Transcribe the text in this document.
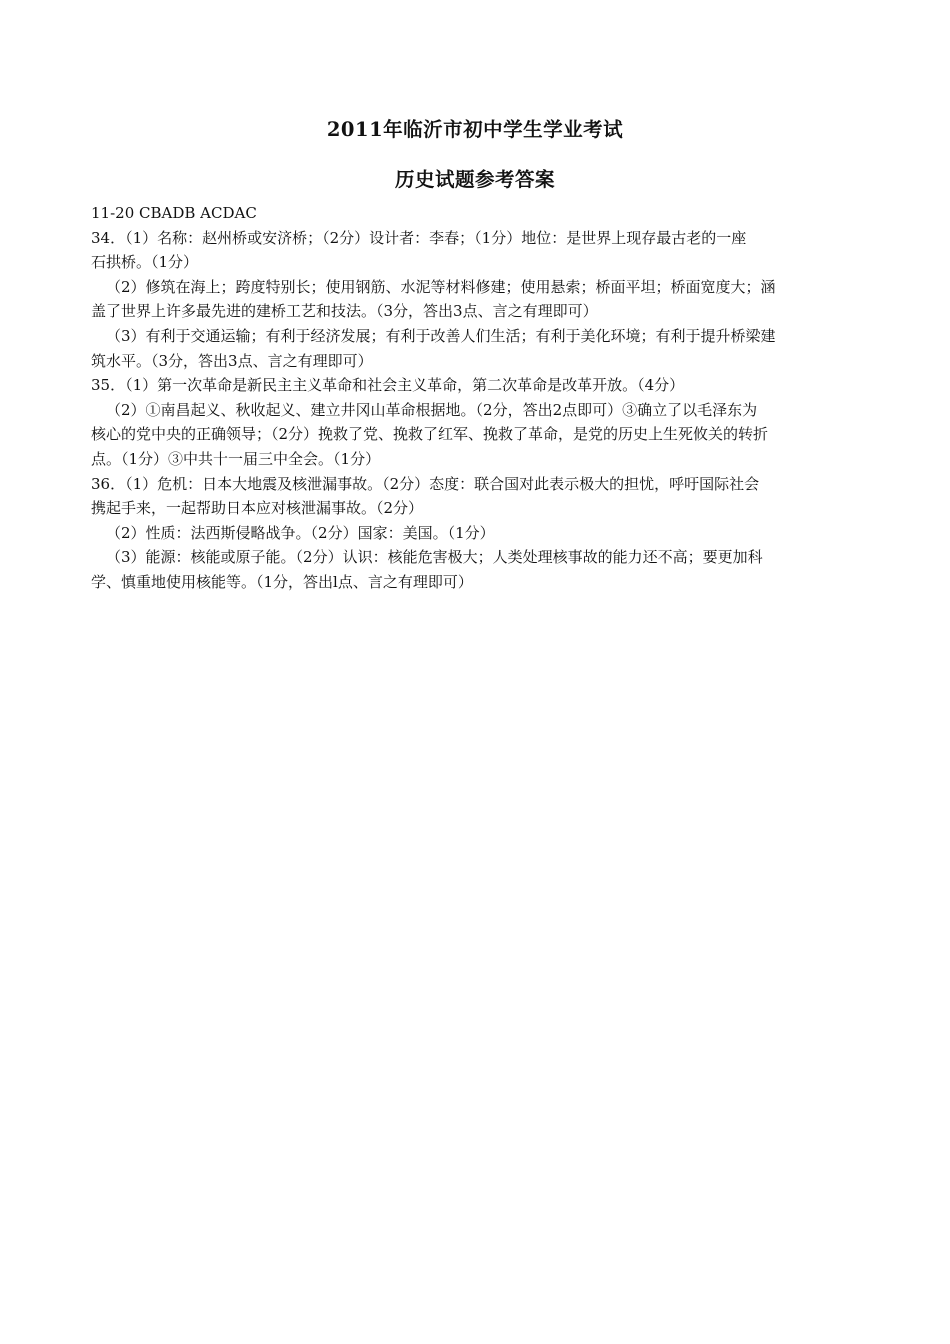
2011年临沂市初中学生学业考试
历史试题参考答案
11-20 CBADB ACDAC
34．（1）名称：赵州桥或安济桥；（2分）设计者：李春；（1分）地位：是世界上现存最古老的一座
石拱桥。（1分）
（2）修筑在海上；跨度特别长；使用钢筋、水泥等材料修建；使用悬索；桥面平坦；桥面宽度大；涵
盖了世界上许多最先进的建桥工艺和技法。（3分，答出3点、言之有理即可）
（3）有利于交通运输；有利于经济发展；有利于改善人们生活；有利于美化环境；有利于提升桥梁建
筑水平。（3分，答出3点、言之有理即可）
35．（1）第一次革命是新民主主义革命和社会主义革命，第二次革命是改革开放。（4分）
（2）①南昌起义、秋收起义、建立井冈山革命根据地。（2分，答出2点即可）③确立了以毛泽东为
核心的党中央的正确领导；（2分）挽救了党、挽救了红军、挽救了革命，是党的历史上生死攸关的转折
点。（1分）③中共十一届三中全会。（1分）
36．（1）危机：日本大地震及核泄漏事故。（2分）态度：联合国对此表示极大的担忧，呼吁国际社会
携起手来，一起帮助日本应对核泄漏事故。（2分）
（2）性质：法西斯侵略战争。（2分）国家：美国。（1分）
（3）能源：核能或原子能。（2分）认识：核能危害极大；人类处理核事故的能力还不高；要更加科
学、慎重地使用核能等。（1分，答出l点、言之有理即可）
